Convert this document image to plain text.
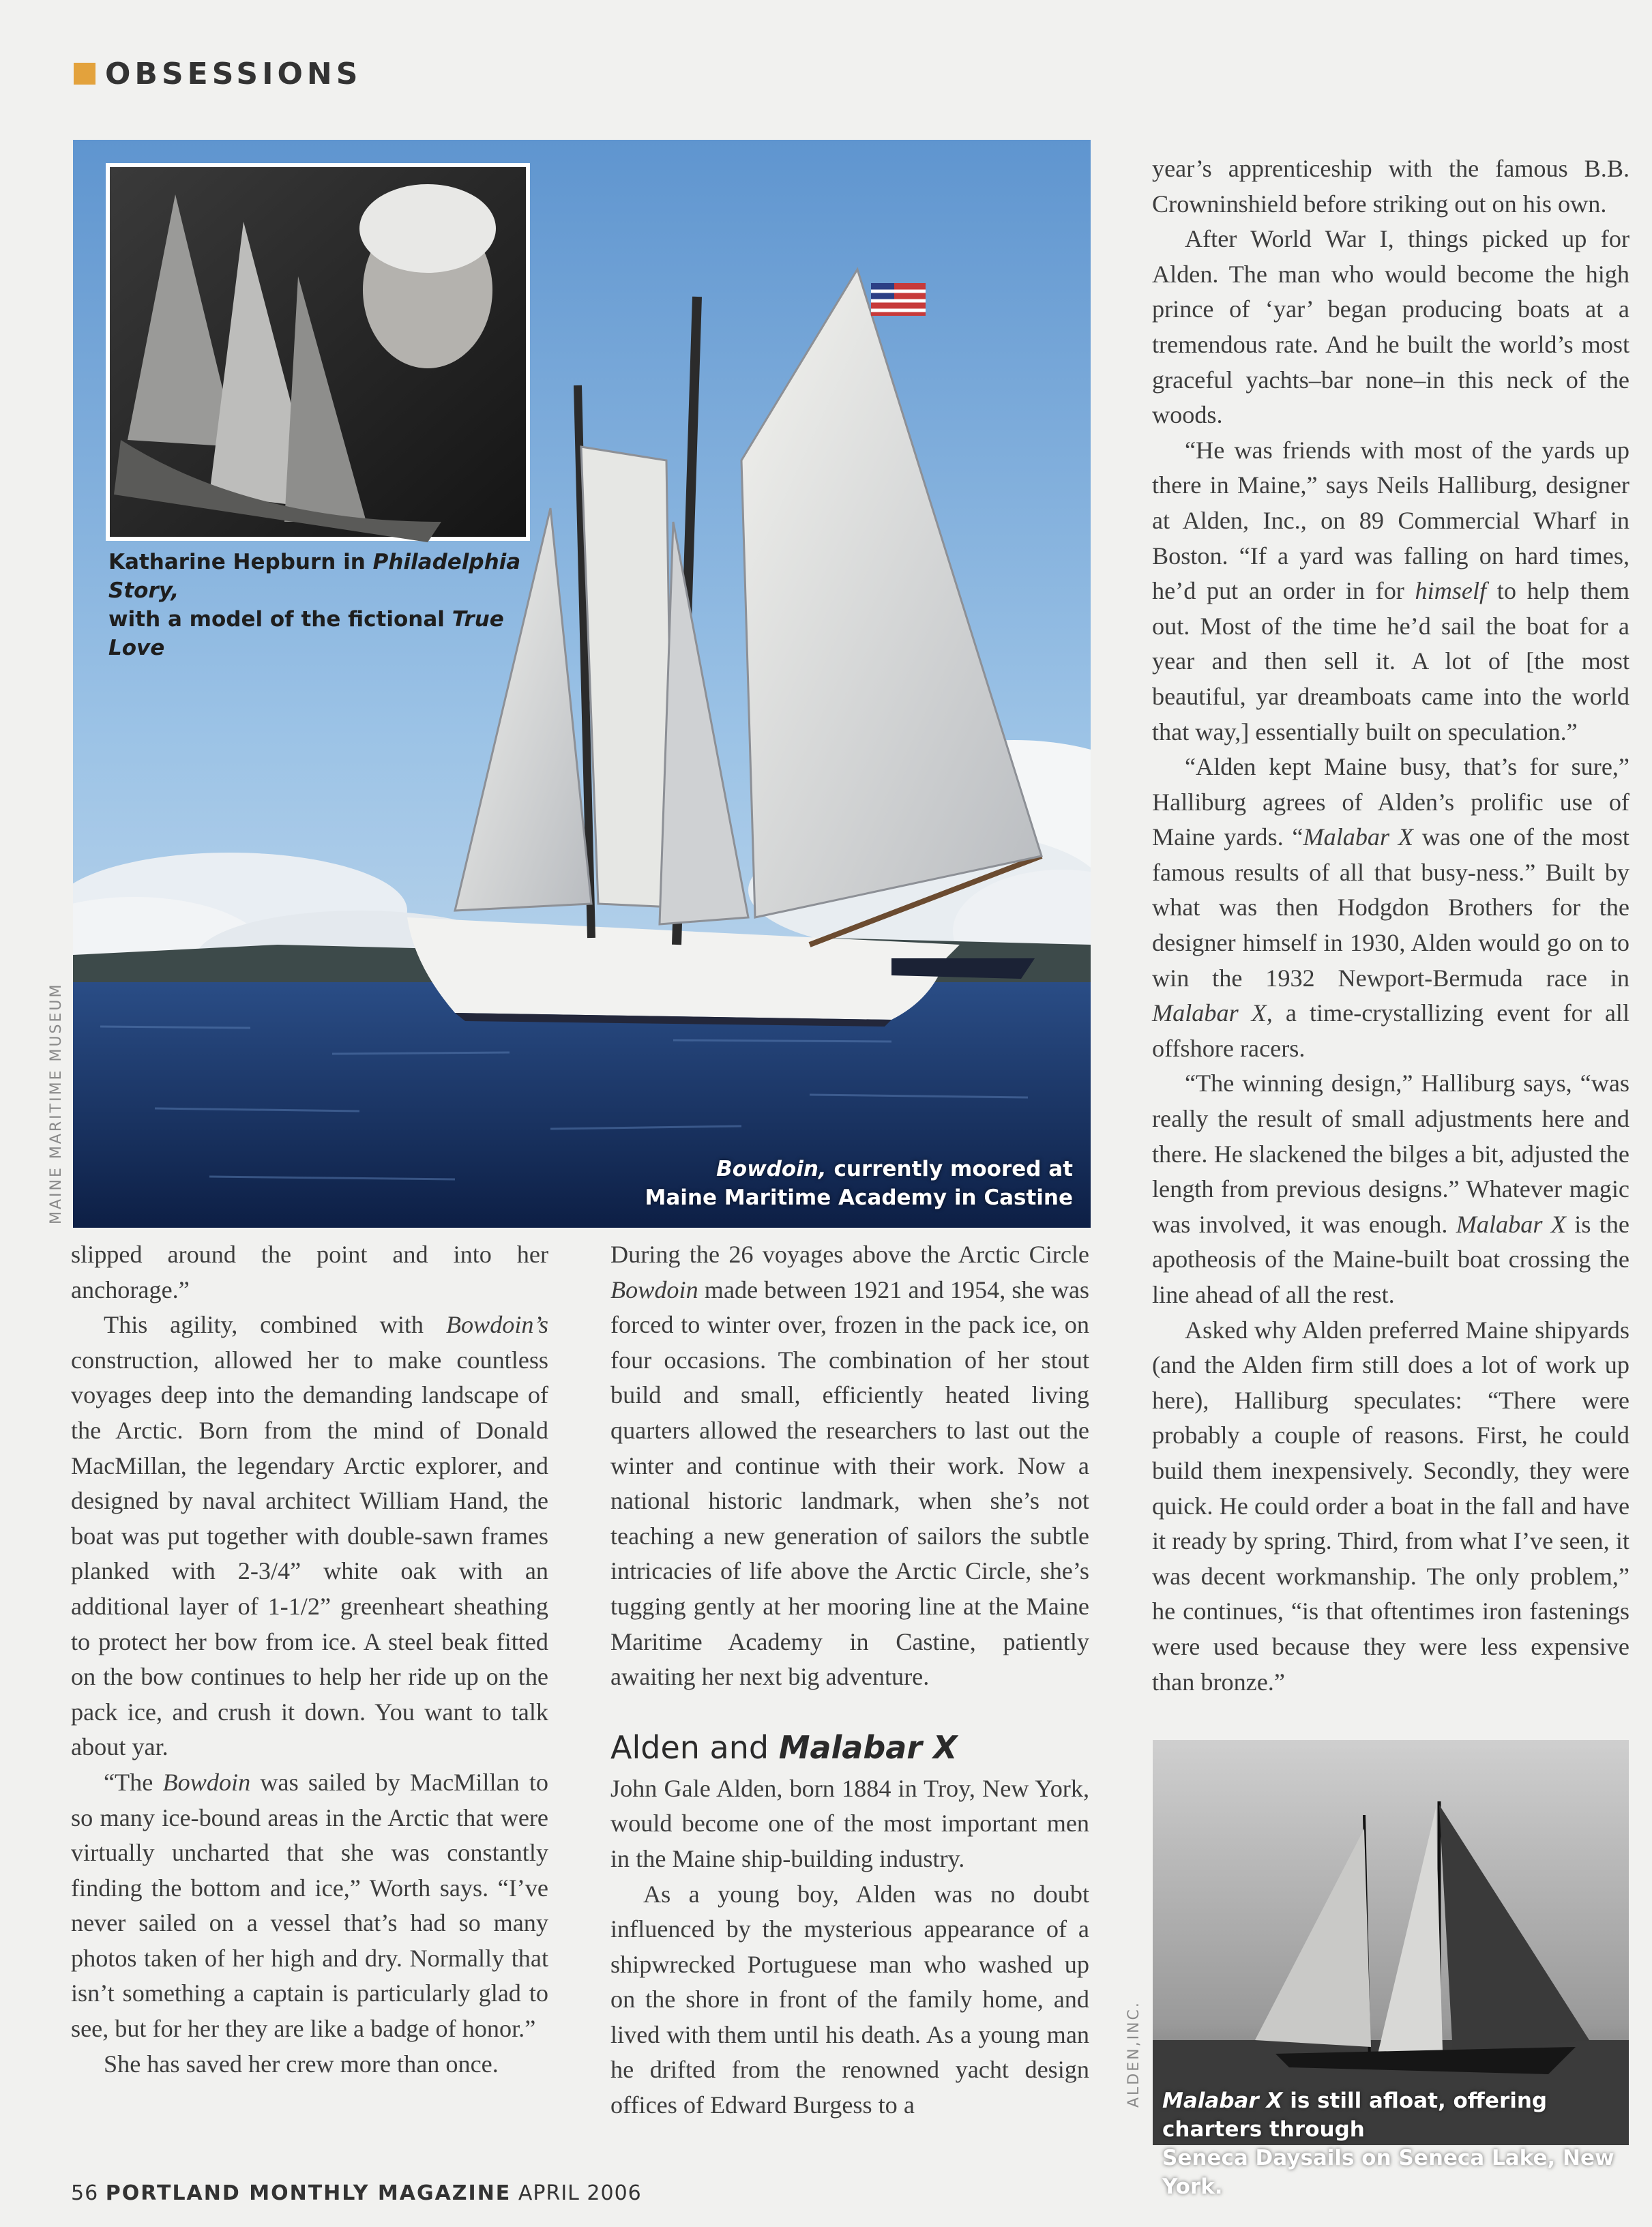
OBSESSIONS
Katharine Hepburn in Philadelphia Story,
with a model of the fictional True Love
Bowdoin, currently moored at
Maine Maritime Academy in Castine
MAINE MARITIME MUSEUM

slipped around the point and into her anchorage.”

This agility, combined with Bowdoin’s construction, allowed her to make countless voyages deep into the demanding landscape of the Arctic. Born from the mind of Donald MacMillan, the legendary Arctic explorer, and designed by naval architect William Hand, the boat was put together with double-sawn frames planked with 2-3/4” white oak with an additional layer of 1-1/2” greenheart sheathing to protect her bow from ice. A steel beak fitted on the bow continues to help her ride up on the pack ice, and crush it down. You want to talk about yar.

“The Bowdoin was sailed by MacMillan to so many ice-bound areas in the Arctic that were virtually uncharted that she was constantly finding the bottom and ice,” Worth says. “I’ve never sailed on a vessel that’s had so many photos taken of her high and dry. Normally that isn’t something a captain is particularly glad to see, but for her they are like a badge of honor.”

She has saved her crew more than once.

During the 26 voyages above the Arctic Circle Bowdoin made between 1921 and 1954, she was forced to winter over, frozen in the pack ice, on four occasions. The combination of her stout build and small, efficiently heated living quarters allowed the researchers to last out the winter and continue with their work. Now a national historic landmark, when she’s not teaching a new generation of sailors the subtle intricacies of life above the Arctic Circle, she’s tugging gently at her mooring line at the Maine Maritime Academy in Castine, patiently awaiting her next big adventure.

Alden and Malabar X

John Gale Alden, born 1884 in Troy, New York, would become one of the most important men in the Maine ship-building industry.

As a young boy, Alden was no doubt influenced by the mysterious appearance of a shipwrecked Portuguese man who washed up on the shore in front of the family home, and lived with them until his death. As a young man he drifted from the renowned yacht design offices of Edward Burgess to a

year’s apprenticeship with the famous B.B. Crowninshield before striking out on his own.

After World War I, things picked up for Alden. The man who would become the high prince of ‘yar’ began producing boats at a tremendous rate. And he built the world’s most graceful yachts–bar none–in this neck of the woods.

“He was friends with most of the yards up there in Maine,” says Neils Halliburg, designer at Alden, Inc., on 89 Commercial Wharf in Boston. “If a yard was falling on hard times, he’d put an order in for himself to help them out. Most of the time he’d sail the boat for a year and then sell it. A lot of [the most beautiful, yar dreamboats came into the world that way,] essentially built on speculation.”

“Alden kept Maine busy, that’s for sure,” Halliburg agrees of Alden’s prolific use of Maine yards. “Malabar X was one of the most famous results of all that busy-ness.” Built by what was then Hodgdon Brothers for the designer himself in 1930, Alden would go on to win the 1932 Newport-Bermuda race in Malabar X, a time-crystallizing event for all offshore racers.

“The winning design,” Halliburg says, “was really the result of small adjustments here and there. He slackened the bilges a bit, adjusted the length from previous designs.” Whatever magic was involved, it was enough. Malabar X is the apotheosis of the Maine-built boat crossing the line ahead of all the rest.

Asked why Alden preferred Maine shipyards (and the Alden firm still does a lot of work up here), Halliburg speculates: “There were probably a couple of reasons. First, he could build them inexpensively. Secondly, they were quick. He could order a boat in the fall and have it ready by spring. Third, from what I’ve seen, it was decent workmanship. The only problem,” he continues, “is that oftentimes iron fastenings were used because they were less expensive than bronze.”

Malabar X is still afloat, offering charters through
Seneca Daysails on Seneca Lake, New York.
ALDEN,INC.
56 PORTLAND MONTHLY MAGAZINE APRIL 2006
